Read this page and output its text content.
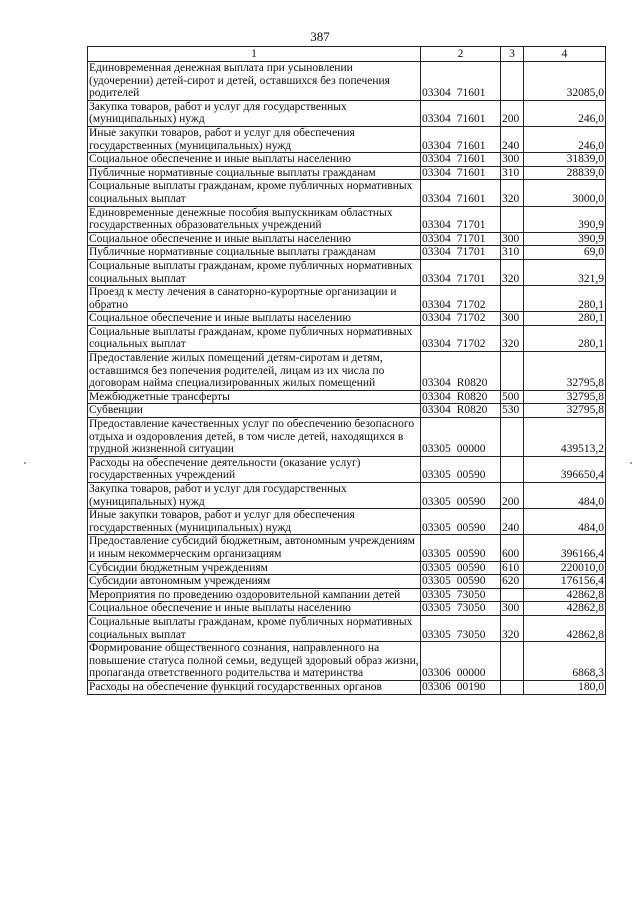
387
1	2	3	4
Единовременная денежная выплата при усыновлении (удочерении) детей-сирот и детей, оставшихся без попечения родителей	03304 71601		32085,0
Закупка товаров, работ и услуг для государственных (муниципальных) нужд	03304 71601	200	246,0
Иные закупки товаров, работ и услуг для обеспечения государственных (муниципальных) нужд	03304 71601	240	246,0
Социальное обеспечение и иные выплаты населению	03304 71601	300	31839,0
Публичные нормативные социальные выплаты гражданам	03304 71601	310	28839,0
Социальные выплаты гражданам, кроме публичных нормативных социальных выплат	03304 71601	320	3000,0
Единовременные денежные пособия выпускникам областных государственных образовательных учреждений	03304 71701		390,9
Социальное обеспечение и иные выплаты населению	03304 71701	300	390,9
Публичные нормативные социальные выплаты гражданам	03304 71701	310	69,0
Социальные выплаты гражданам, кроме публичных нормативных социальных выплат	03304 71701	320	321,9
Проезд к месту лечения в санаторно-курортные организации и обратно	03304 71702		280,1
Социальное обеспечение и иные выплаты населению	03304 71702	300	280,1
Социальные выплаты гражданам, кроме публичных нормативных социальных выплат	03304 71702	320	280,1
Предоставление жилых помещений детям-сиротам и детям, оставшимся без попечения родителей, лицам из их числа по договорам найма специализированных жилых помещений	03304 R0820		32795,8
Межбюджетные трансферты	03304 R0820	500	32795,8
Субвенции	03304 R0820	530	32795,8
Предоставление качественных услуг по обеспечению безопасного отдыха и оздоровления детей, в том числе детей, находящихся в трудной жизненной ситуации	03305 00000		439513,2
Расходы на обеспечение деятельности (оказание услуг) государственных учреждений	03305 00590		396650,4
Закупка товаров, работ и услуг для государственных (муниципальных) нужд	03305 00590	200	484,0
Иные закупки товаров, работ и услуг для обеспечения государственных (муниципальных) нужд	03305 00590	240	484,0
Предоставление субсидий бюджетным, автономным учреждениям и иным некоммерческим организациям	03305 00590	600	396166,4
Субсидии бюджетным учреждениям	03305 00590	610	220010,0
Субсидии автономным учреждениям	03305 00590	620	176156,4
Мероприятия по проведению оздоровительной кампании детей	03305 73050		42862,8
Социальное обеспечение и иные выплаты населению	03305 73050	300	42862,8
Социальные выплаты гражданам, кроме публичных нормативных социальных выплат	03305 73050	320	42862,8
Формирование общественного сознания, направленного на повышение статуса полной семьи, ведущей здоровый образ жизни, пропаганда ответственного родительства и материнства	03306 00000		6868,3
Расходы на обеспечение функций государственных органов	03306 00190		180,0
